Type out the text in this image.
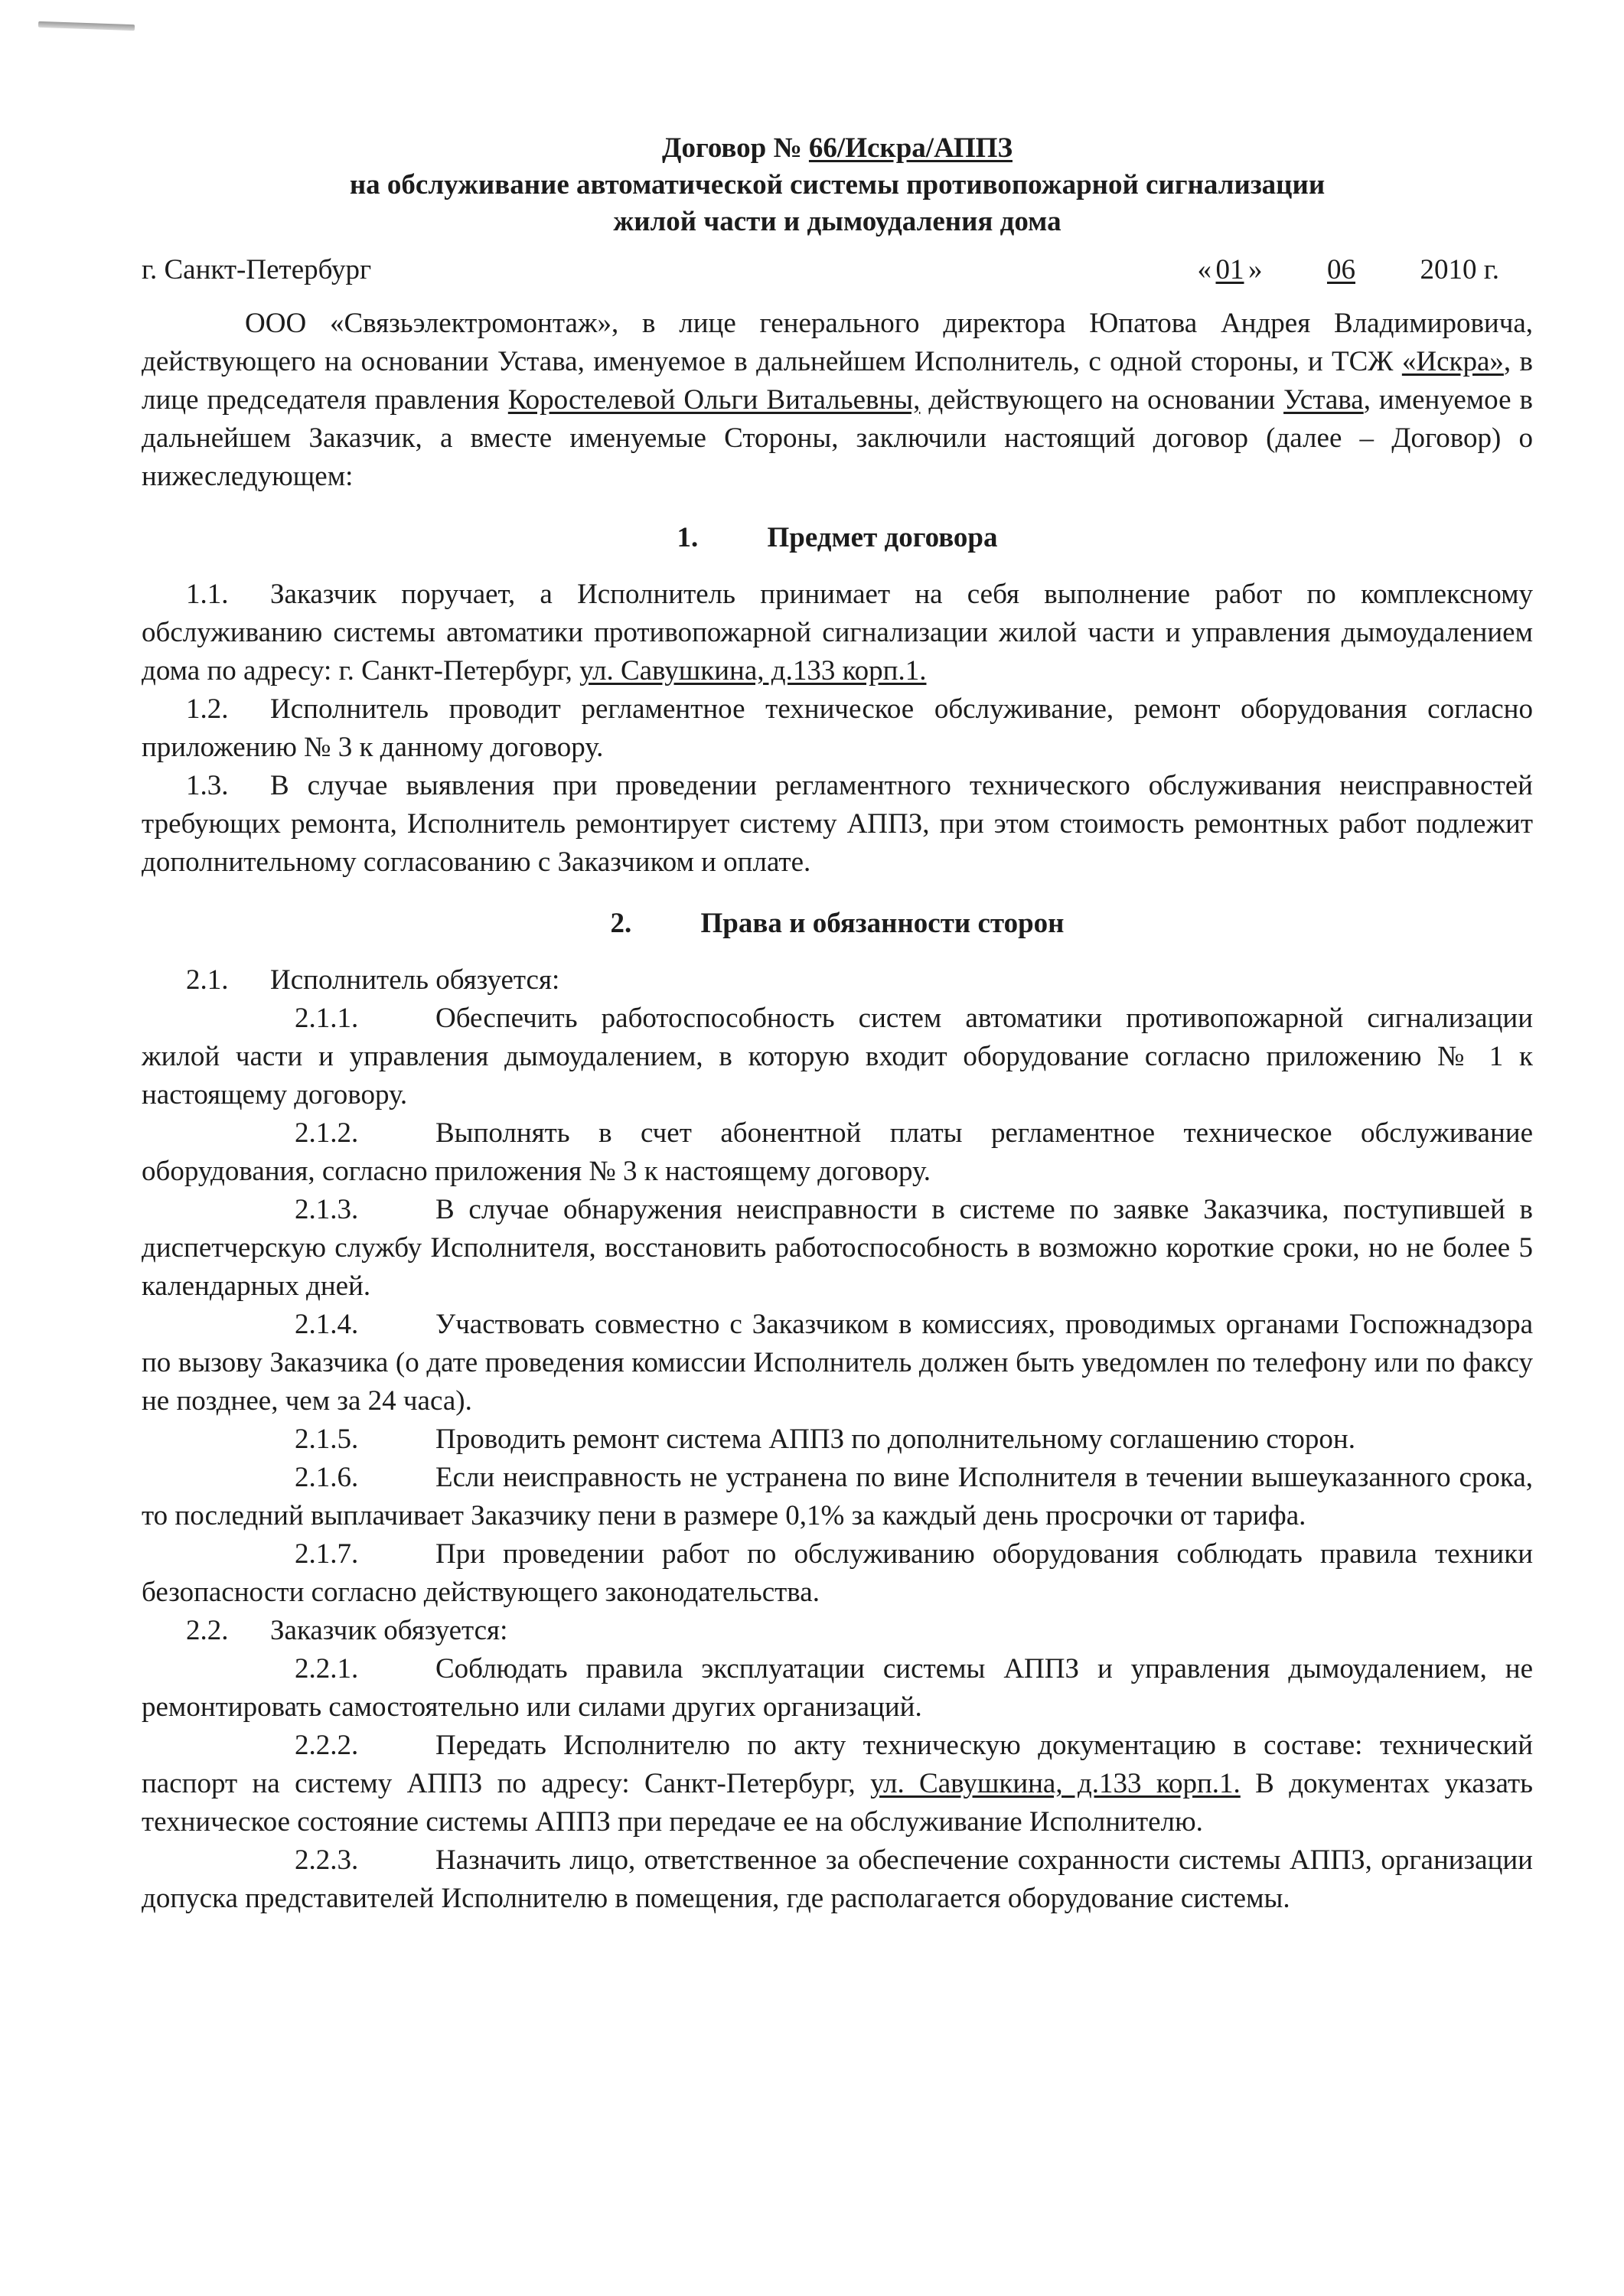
Договор № 66/Искра/АППЗ
на обслуживание автоматической системы противопожарной сигнализации
жилой части и дымоудаления дома
г. Санкт-Петербург	« 01 » 06 2010 г.
ООО «Связьэлектромонтаж», в лице генерального директора Юпатова Андрея Владимировича, действующего на основании Устава, именуемое в дальнейшем Исполнитель, с одной стороны, и ТСЖ «Искра», в лице председателя правления Коростелевой Ольги Витальевны, действующего на основании Устава, именуемое в дальнейшем Заказчик, а вместе именуемые Стороны, заключили настоящий договор (далее – Договор) о нижеследующем:
1. Предмет договора
1.1. Заказчик поручает, а Исполнитель принимает на себя выполнение работ по комплексному обслуживанию системы автоматики противопожарной сигнализации жилой части и управления дымоудалением дома по адресу: г. Санкт-Петербург, ул. Савушкина, д.133 корп.1.
1.2. Исполнитель проводит регламентное техническое обслуживание, ремонт оборудования согласно приложению № 3 к данному договору.
1.3. В случае выявления при проведении регламентного технического обслуживания неисправностей требующих ремонта, Исполнитель ремонтирует систему АППЗ, при этом стоимость ремонтных работ подлежит дополнительному согласованию с Заказчиком и оплате.
2. Права и обязанности сторон
2.1. Исполнитель обязуется:
2.1.1.	Обеспечить работоспособность систем автоматики противопожарной сигнализации жилой части и управления дымоудалением, в которую входит оборудование согласно приложению № 1 к настоящему договору.
2.1.2.	Выполнять в счет абонентной платы регламентное техническое обслуживание оборудования, согласно приложения № 3 к настоящему договору.
2.1.3.	В случае обнаружения неисправности в системе по заявке Заказчика, поступившей в диспетчерскую службу Исполнителя, восстановить работоспособность в возможно короткие сроки, но не более 5 календарных дней.
2.1.4.	Участвовать совместно с Заказчиком в комиссиях, проводимых органами Госпожнадзора по вызову Заказчика (о дате проведения комиссии Исполнитель должен быть уведомлен по телефону или по факсу не позднее, чем за 24 часа).
2.1.5.	Проводить ремонт система АППЗ по дополнительному соглашению сторон.
2.1.6.	Если неисправность не устранена по вине Исполнителя в течении вышеуказанного срока, то последний выплачивает Заказчику пени в размере 0,1% за каждый день просрочки от тарифа.
2.1.7.	При проведении работ по обслуживанию оборудования соблюдать правила техники безопасности согласно действующего законодательства.
2.2. Заказчик обязуется:
2.2.1.	Соблюдать правила эксплуатации системы АППЗ и управления дымоудалением, не ремонтировать самостоятельно или силами других организаций.
2.2.2.	Передать Исполнителю по акту техническую документацию в составе: технический паспорт на систему АППЗ по адресу: Санкт-Петербург, ул. Савушкина, д.133 корп.1. В документах указать техническое состояние системы АППЗ при передаче ее на обслуживание Исполнителю.
2.2.3.	Назначить лицо, ответственное за обеспечение сохранности системы АППЗ, организации допуска представителей Исполнителю в помещения, где располагается оборудование системы.
